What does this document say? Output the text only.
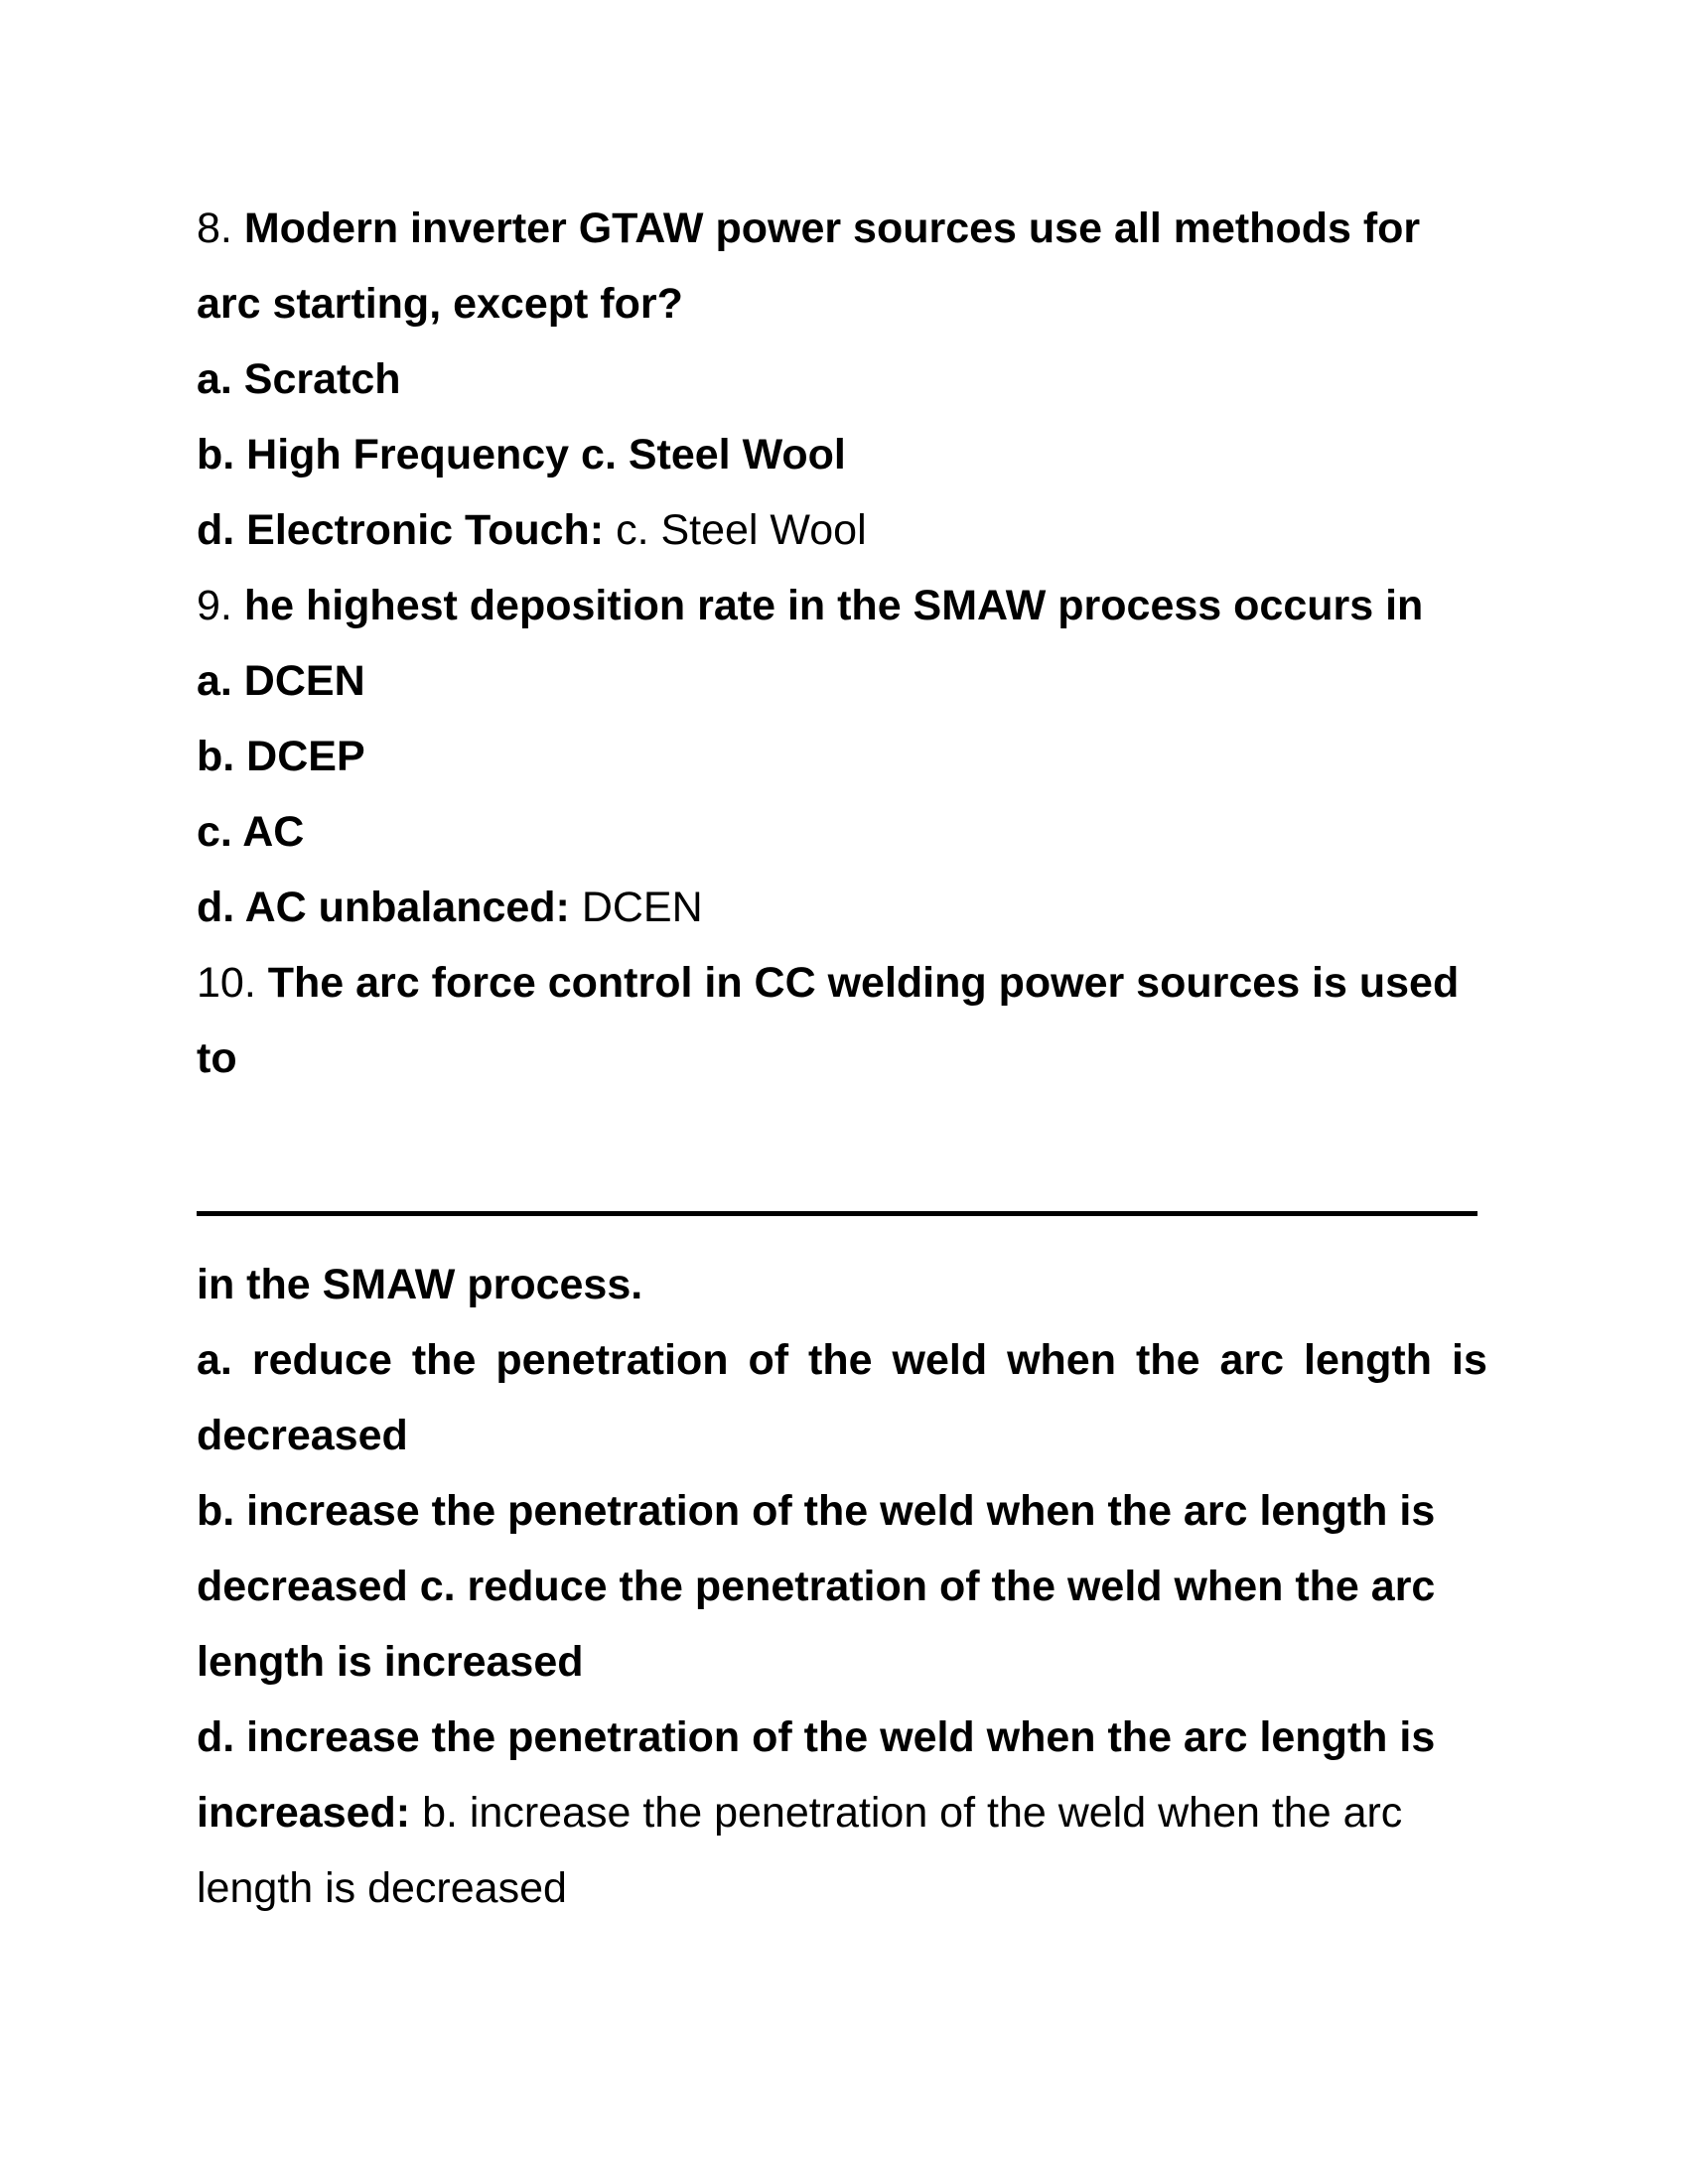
8. Modern inverter GTAW power sources use all methods for
arc starting, except for?
a. Scratch
b. High Frequency c. Steel Wool
d. Electronic Touch: c. Steel Wool
9. he highest deposition rate in the SMAW process occurs in
a. DCEN
b. DCEP
c. AC
d. AC unbalanced: DCEN
10. The arc force control in CC welding power sources is used
to
in the SMAW process.
a. reduce the penetration of the weld when the arc length is
decreased
b. increase the penetration of the weld when the arc length is
decreased c. reduce the penetration of the weld when the arc
length is increased
d. increase the penetration of the weld when the arc length is
increased: b. increase the penetration of the weld when the arc
length is decreased
